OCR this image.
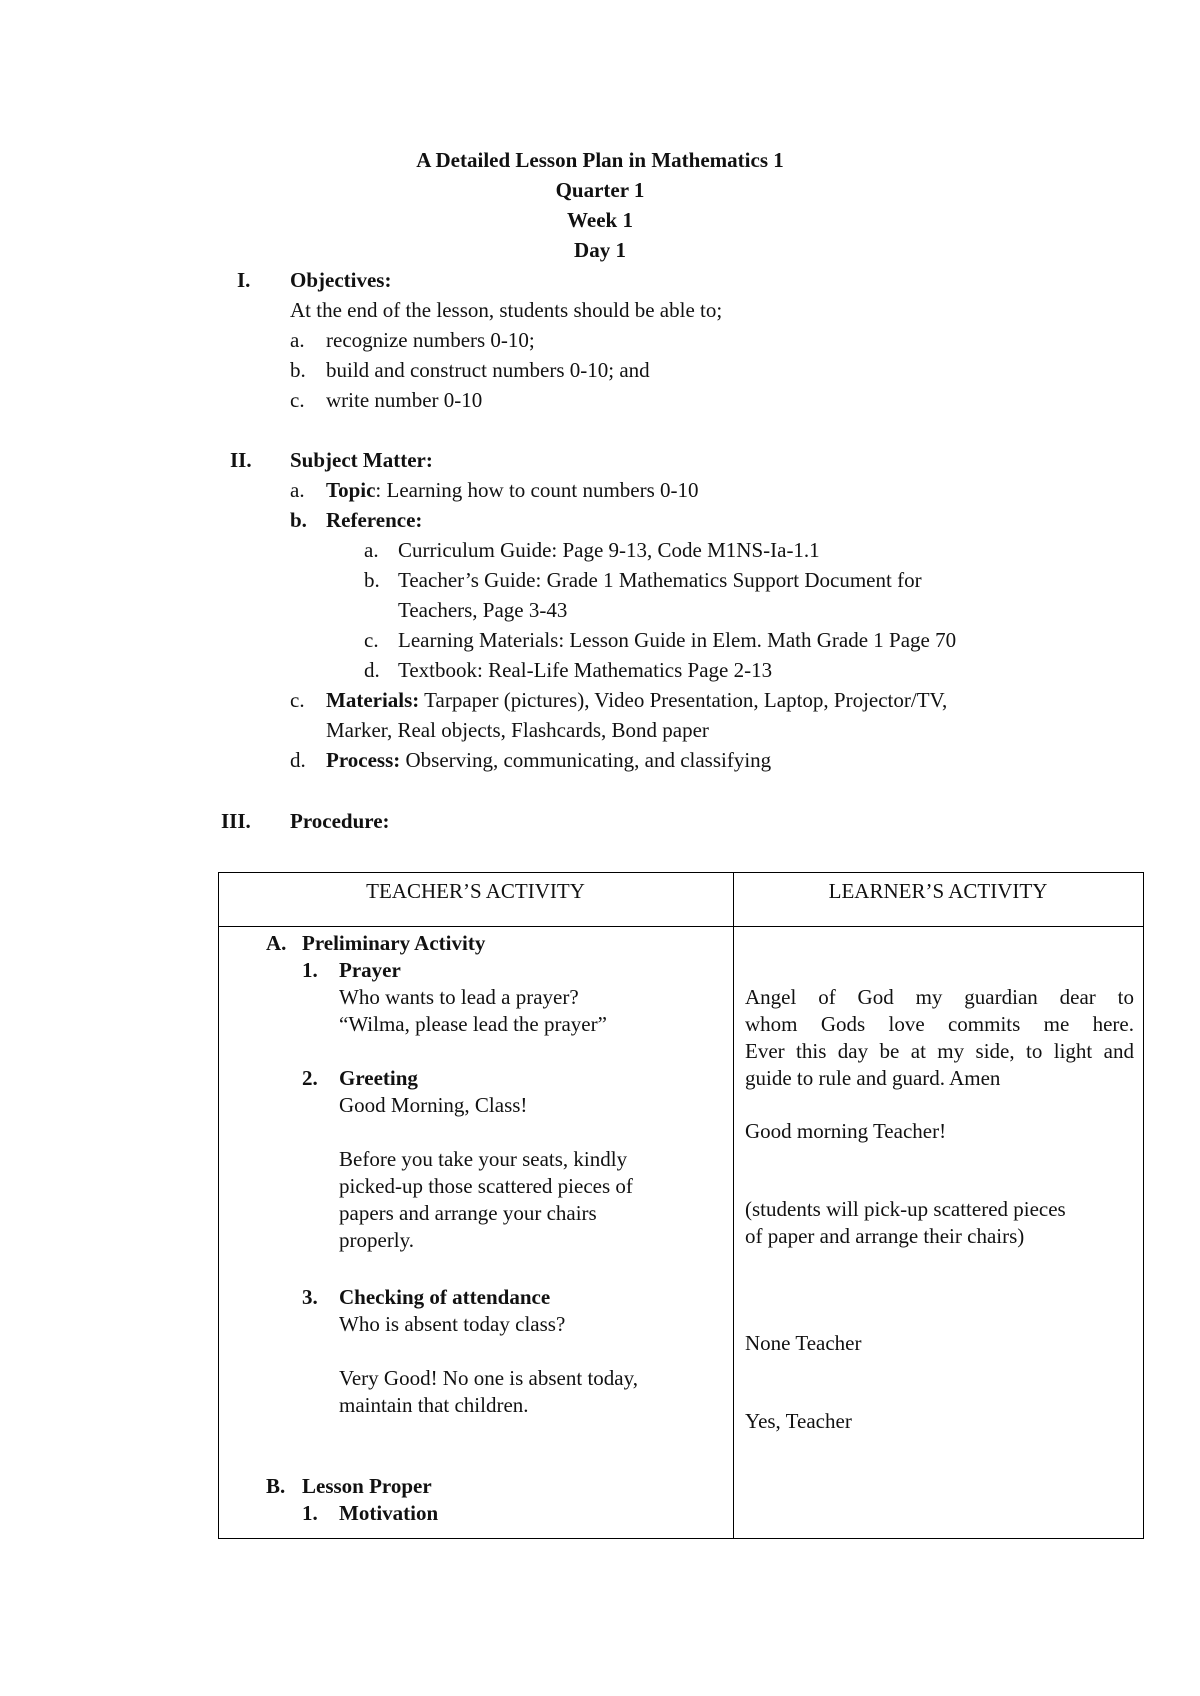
A Detailed Lesson Plan in Mathematics 1
Quarter 1
Week 1
Day 1
I. Objectives:
At the end of the lesson, students should be able to;
a. recognize numbers 0-10;
b. build and construct numbers 0-10; and
c. write number 0-10
II. Subject Matter:
a. Topic: Learning how to count numbers 0-10
b. Reference:
a. Curriculum Guide: Page 9-13, Code M1NS-Ia-1.1
b. Teacher’s Guide: Grade 1 Mathematics Support Document for
Teachers, Page 3-43
c. Learning Materials: Lesson Guide in Elem. Math Grade 1 Page 70
d. Textbook: Real-Life Mathematics Page 2-13
c. Materials: Tarpaper (pictures), Video Presentation, Laptop, Projector/TV,
Marker, Real objects, Flashcards, Bond paper
d. Process: Observing, communicating, and classifying
III. Procedure:
TEACHER’S ACTIVITY	LEARNER’S ACTIVITY
A. Preliminary Activity
1. Prayer
Who wants to lead a prayer?
“Wilma, please lead the prayer”
2. Greeting
Good Morning, Class!
Before you take your seats, kindly
picked-up those scattered pieces of
papers and arrange your chairs
properly.
3. Checking of attendance
Who is absent today class?
Very Good! No one is absent today,
maintain that children.
B. Lesson Proper
1. Motivation
Angel of God my guardian dear to
whom Gods love commits me here.
Ever this day be at my side, to light and
guide to rule and guard. Amen
Good morning Teacher!
(students will pick-up scattered pieces
of paper and arrange their chairs)
None Teacher
Yes, Teacher
